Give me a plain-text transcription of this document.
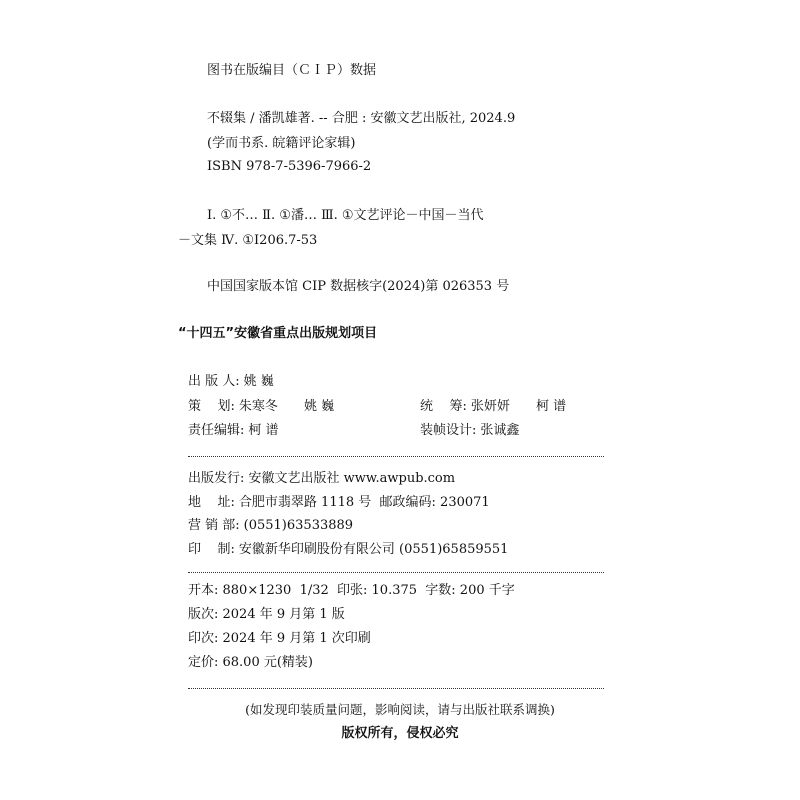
图书在版编目（ＣＩＰ）数据
不辍集 / 潘凯雄著. -- 合肥 : 安徽文艺出版社, 2024.9
(学而书系. 皖籍评论家辑)
ISBN 978-7-5396-7966-2
Ⅰ. ①不… Ⅱ. ①潘… Ⅲ. ①文艺评论－中国－当代
－文集 Ⅳ. ①I206.7-53
中国国家版本馆 CIP 数据核字(2024)第 026353 号
“十四五”安徽省重点出版规划项目
出 版 人: 姚 巍
策    划: 朱寒冬 姚 巍	统    筹: 张妍妍 柯 谱
责任编辑: 柯 谱	装帧设计: 张诚鑫
出版发行: 安徽文艺出版社 www.awpub.com
地    址: 合肥市翡翠路 1118 号  邮政编码: 230071
营 销 部: (0551)63533889
印    制: 安徽新华印刷股份有限公司 (0551)65859551
开本: 880×1230  1/32  印张: 10.375  字数: 200 千字
版次: 2024 年 9 月第 1 版
印次: 2024 年 9 月第 1 次印刷
定价: 68.00 元(精装)
(如发现印装质量问题，影响阅读，请与出版社联系调换)
版权所有，侵权必究
